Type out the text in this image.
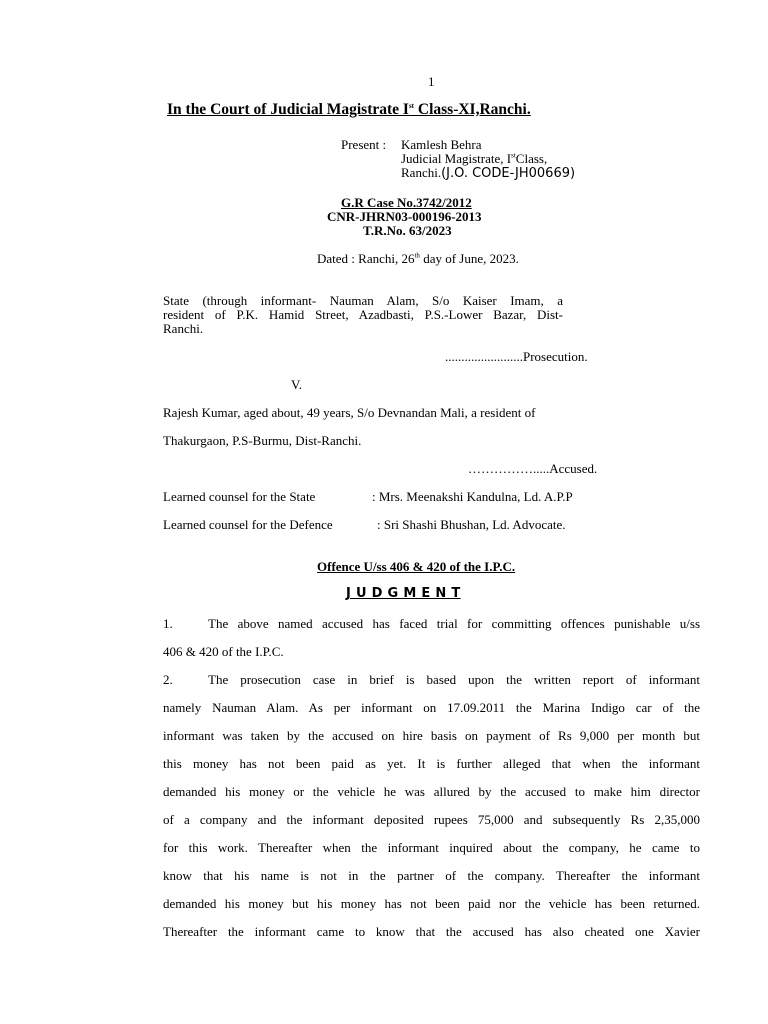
1
In the Court of Judicial Magistrate Ist Class-XI,Ranchi.
Present : Kamlesh Behra
Judicial Magistrate, IstClass,
Ranchi.(J.O. CODE-JH00669)
G.R Case No.3742/2012
CNR-JHRN03-000196-2013
T.R.No. 63/2023
Dated : Ranchi, 26th day of June, 2023.
State (through informant- Nauman Alam, S/o Kaiser Imam, a
resident of P.K. Hamid Street, Azadbasti, P.S.-Lower Bazar, Dist-
Ranchi.
........................Prosecution.
V.
Rajesh Kumar, aged about, 49 years, S/o Devnandan Mali, a resident of
Thakurgaon, P.S-Burmu, Dist-Ranchi.
…………….....Accused.
Learned counsel for the State	: Mrs. Meenakshi Kandulna, Ld. A.P.P
Learned counsel for the Defence	: Sri Shashi Bhushan, Ld. Advocate.
Offence U/ss 406 & 420 of the I.P.C.
J U D G M E N T
1.	The above named accused has faced trial for committing offences punishable u/ss
406 & 420 of the I.P.C.
2.	The prosecution case in brief is based upon the written report of informant
namely Nauman Alam. As per informant on 17.09.2011 the Marina Indigo car of the
informant was taken by the accused on hire basis on payment of Rs 9,000 per month but
this money has not been paid as yet. It is further alleged that when the informant
demanded his money or the vehicle he was allured by the accused to make him director
of a company and the informant deposited rupees 75,000 and subsequently Rs 2,35,000
for this work. Thereafter when the informant inquired about the company, he came to
know that his name is not in the partner of the company. Thereafter the informant
demanded his money but his money has not been paid nor the vehicle has been returned.
Thereafter the informant came to know that the accused has also cheated one Xavier
